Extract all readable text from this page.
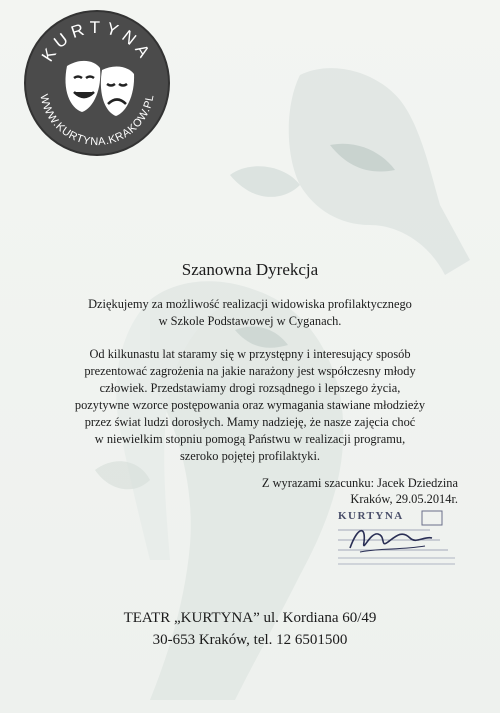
KURTYNA
WWW.KURTYNA.KRAKOW.PL
Szanowna Dyrekcja

Dziękujemy za możliwość realizacji widowiska profilaktycznego
w Szkole Podstawowej w Cyganach.

Od kilkunastu lat staramy się w przystępny i interesujący sposób
prezentować zagrożenia na jakie narażony jest współczesny młody
człowiek. Przedstawiamy drogi rozsądnego i lepszego życia,
pozytywne wzorce postępowania oraz wymagania stawiane młodzieży
przez świat ludzi dorosłych. Mamy nadzieję, że nasze zajęcia choć
w niewielkim stopniu pomogą Państwu w realizacji programu,
szeroko pojętej profilaktyki.

Z wyrazami szacunku: Jacek Dziedzina

Kraków, 29.05.2014r.

KURTYNA

TEATR „KURTYNA” ul. Kordiana 60/49

30-653 Kraków, tel. 12 6501500
